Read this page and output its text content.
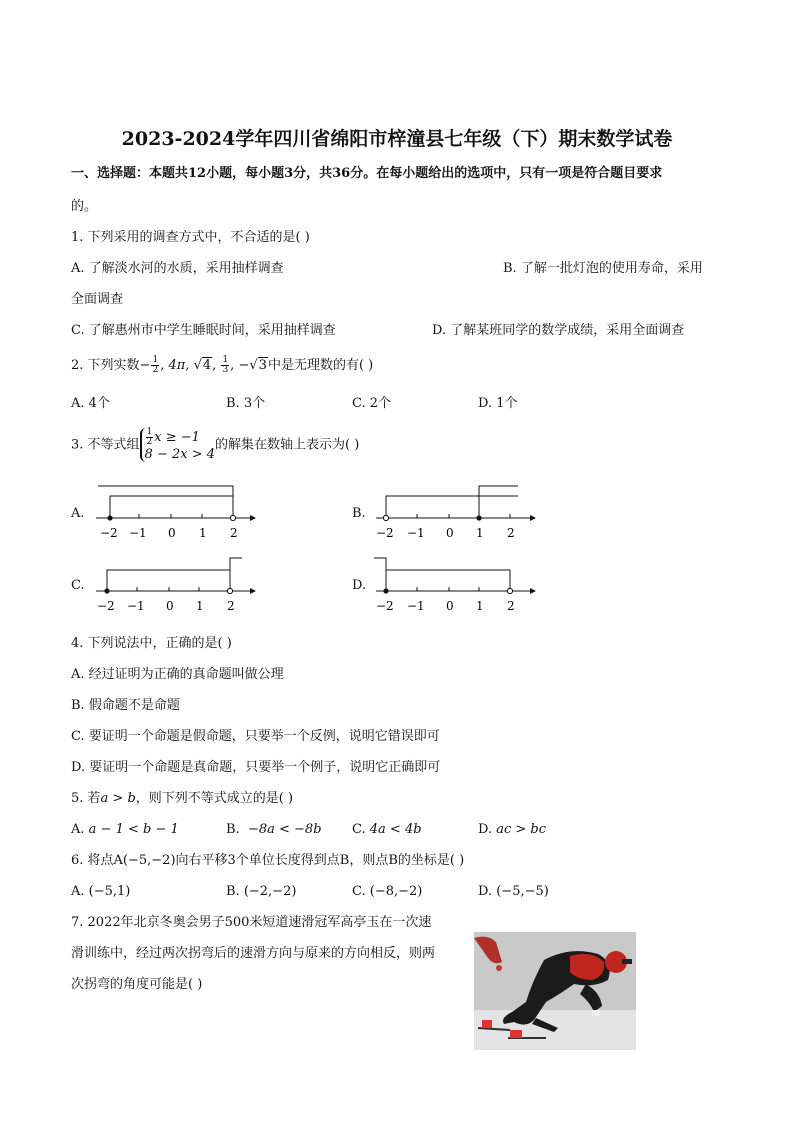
2023-2024学年四川省绵阳市梓潼县七年级（下）期末数学试卷
一、选择题：本题共12小题，每小题3分，共36分。在每小题给出的选项中，只有一项是符合题目要求
的。
1. 下列采用的调查方式中，不合适的是( )
A. 了解淡水河的水质，采用抽样调查	B. 了解一批灯泡的使用寿命，采用
全面调查
C. 了解惠州市中学生睡眠时间，采用抽样调查	D. 了解某班同学的数学成绩，采用全面调查
2. 下列实数− $\frac{1}{2}$ , 4π, √4, $\frac{1}{3}$ , −√3中是无理数的有( )
A. 4个	B. 3个	C. 2个	D. 1个
3. 不等式组 $\frac{1}{2}$ x ≥ −1
8 − 2x > 4
的解集在数轴上表示为( )
A.	B.
C.	D.
−2 −1 0 1 2	−2 −1 0 1 2
−2 −1 0 1 2	−2 −1 0 1 2
4. 下列说法中，正确的是( )
A. 经过证明为正确的真命题叫做公理
B. 假命题不是命题
C. 要证明一个命题是假命题，只要举一个反例，说明它错误即可
D. 要证明一个命题是真命题，只要举一个例子，说明它正确即可
5. 若a > b，则下列不等式成立的是( )
A. a − 1 < b − 1	B. −8a < −8b C. 4a < 4b	D. ac > bc
6. 将点A(−5,−2)向右平移3个单位长度得到点B，则点B的坐标是( )
A. (−5,1)	B. (−2,−2)	C. (−8,−2)	D. (−5,−5)
7. 2022年北京冬奥会男子500米短道速滑冠军高亭玉在一次速
滑训练中，经过两次拐弯后的速滑方向与原来的方向相反，则两
次拐弯的角度可能是( )
